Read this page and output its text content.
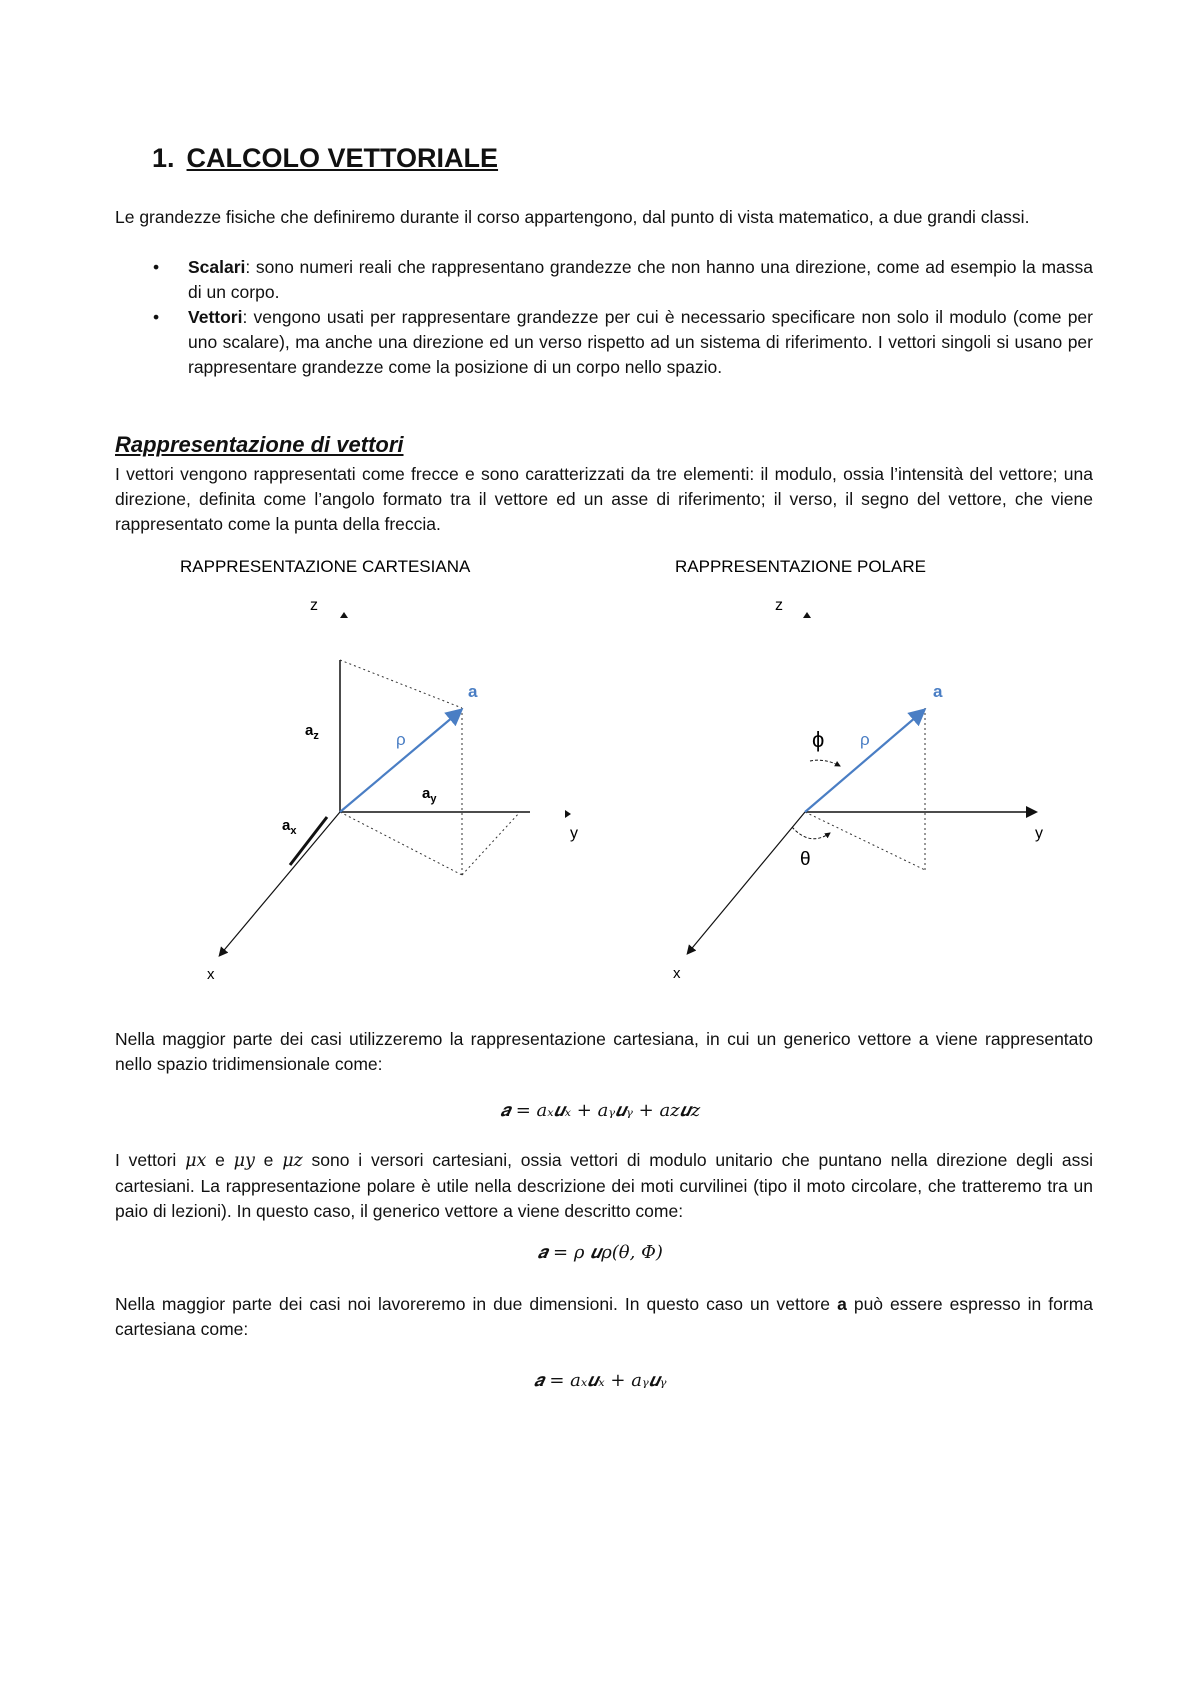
1. CALCOLO VETTORIALE
Le grandezze fisiche che definiremo durante il corso appartengono, dal punto di vista matematico, a due grandi classi.
• Scalari: sono numeri reali che rappresentano grandezze che non hanno una direzione, come ad esempio la massa di un corpo.
• Vettori: vengono usati per rappresentare grandezze per cui è necessario specificare non solo il modulo (come per uno scalare), ma anche una direzione ed un verso rispetto ad un sistema di riferimento. I vettori singoli si usano per rappresentare grandezze come la posizione di un corpo nello spazio.
Rappresentazione di vettori
I vettori vengono rappresentati come frecce e sono caratterizzati da tre elementi: il modulo, ossia l’intensità del vettore; una direzione, definita come l’angolo formato tra il vettore ed un asse di riferimento; il verso, il segno del vettore, che viene rappresentato come la punta della freccia.
RAPPRESENTAZIONE CARTESIANA
z
y
x
a
ρ
$a_z$
$a_y$
$a_x$
RAPPRESENTAZIONE POLARE
z
y
x
a
ρ
ϕ
θ
Nella maggior parte dei casi utilizzeremo la rappresentazione cartesiana, in cui un generico vettore a viene rappresentato nello spazio tridimensionale come:
𝒂 = 𝑎ₓ𝒖ₓ + 𝑎ᵧ𝒖ᵧ + 𝑎𝑧𝒖𝑧
I vettori μx e μy e μz sono i versori cartesiani, ossia vettori di modulo unitario che puntano nella direzione degli assi cartesiani. La rappresentazione polare è utile nella descrizione dei moti curvilinei (tipo il moto circolare, che tratteremo tra un paio di lezioni). In questo caso, il generico vettore a viene descritto come:
𝒂 = 𝜌 𝒖𝜌(𝜃, 𝛷)
Nella maggior parte dei casi noi lavoreremo in due dimensioni. In questo caso un vettore a può essere espresso in forma cartesiana come:
𝒂 = 𝑎ₓ𝒖ₓ + 𝑎ᵧ𝒖ᵧ
